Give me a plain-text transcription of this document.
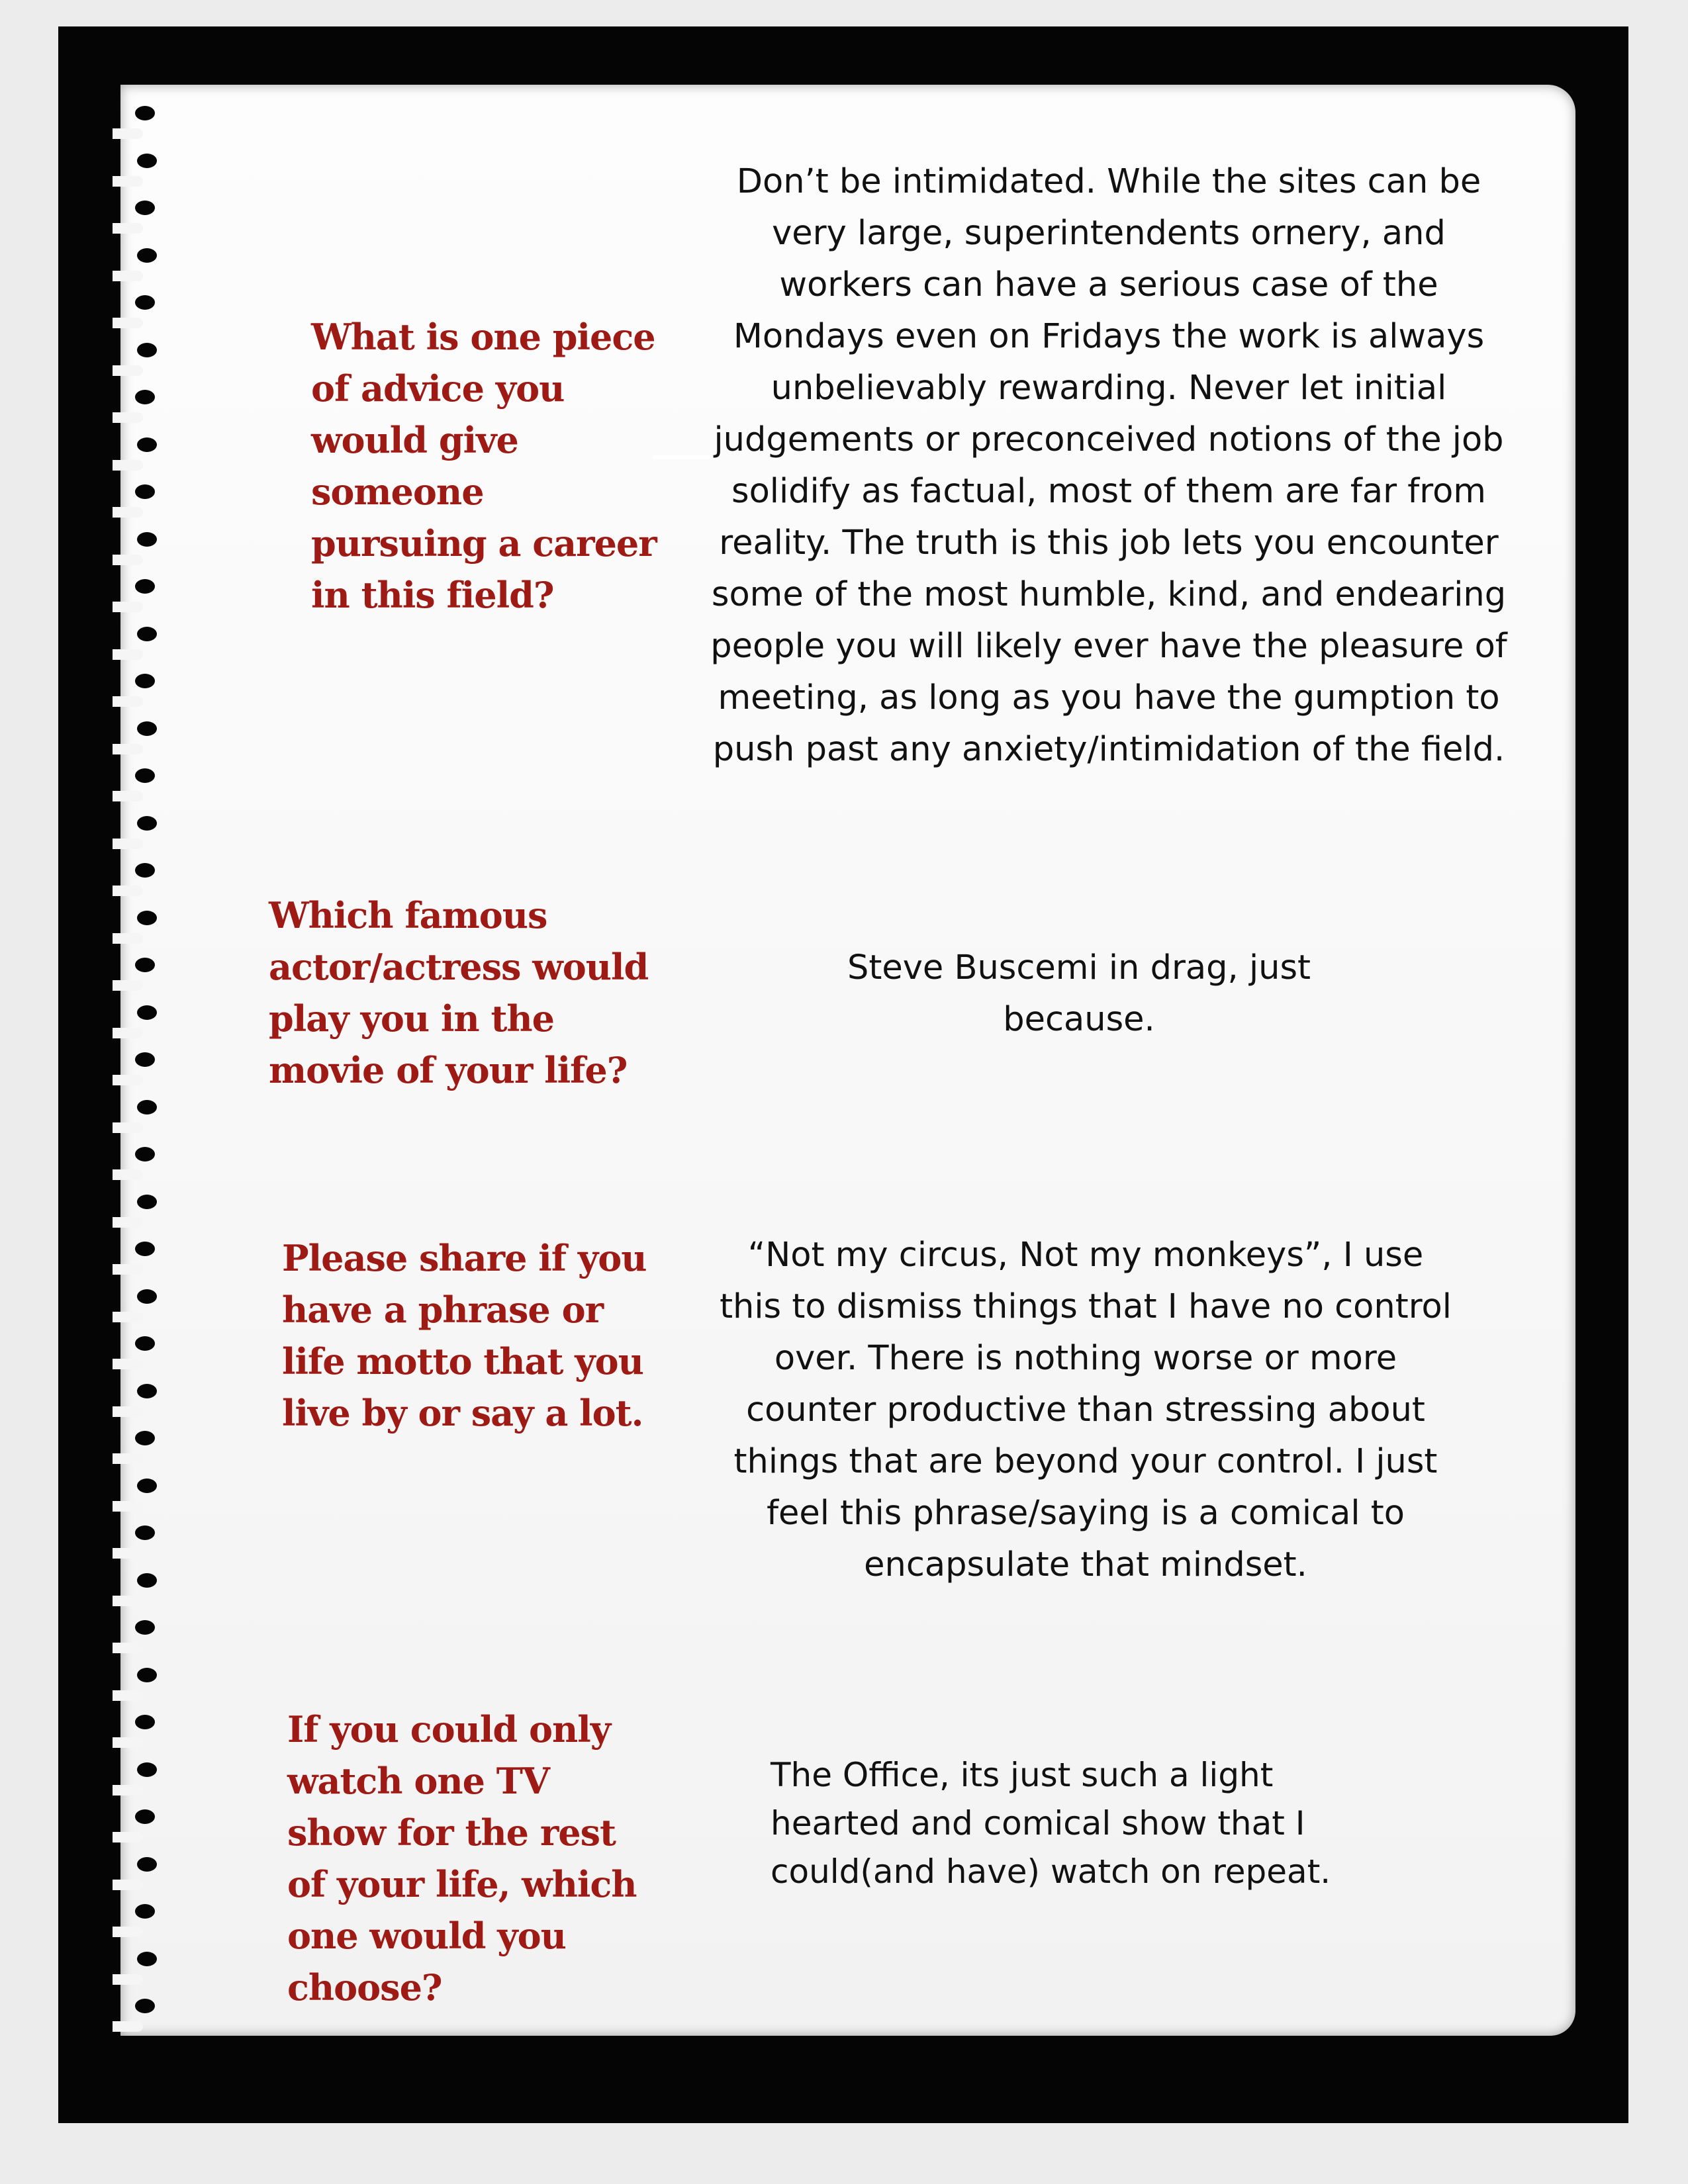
What is one piece of advice you would give someone pursuing a career in this field?
Don’t be intimidated. While the sites can be very large, superintendents ornery, and workers can have a serious case of the Mondays even on Fridays the work is always unbelievably rewarding. Never let initial judgements or preconceived notions of the job solidify as factual, most of them are far from reality. The truth is this job lets you encounter some of the most humble, kind, and endearing people you will likely ever have the pleasure of meeting, as long as you have the gumption to push past any anxiety/intimidation of the field.
Which famous actor/actress would play you in the movie of your life?
Steve Buscemi in drag, just because.
Please share if you have a phrase or life motto that you live by or say a lot.
“Not my circus, Not my monkeys”, I use this to dismiss things that I have no control over. There is nothing worse or more counter productive than stressing about things that are beyond your control. I just feel this phrase/saying is a comical to encapsulate that mindset.
If you could only watch one TV show for the rest of your life, which one would you choose?
The Office, its just such a light hearted and comical show that I could(and have) watch on repeat.
